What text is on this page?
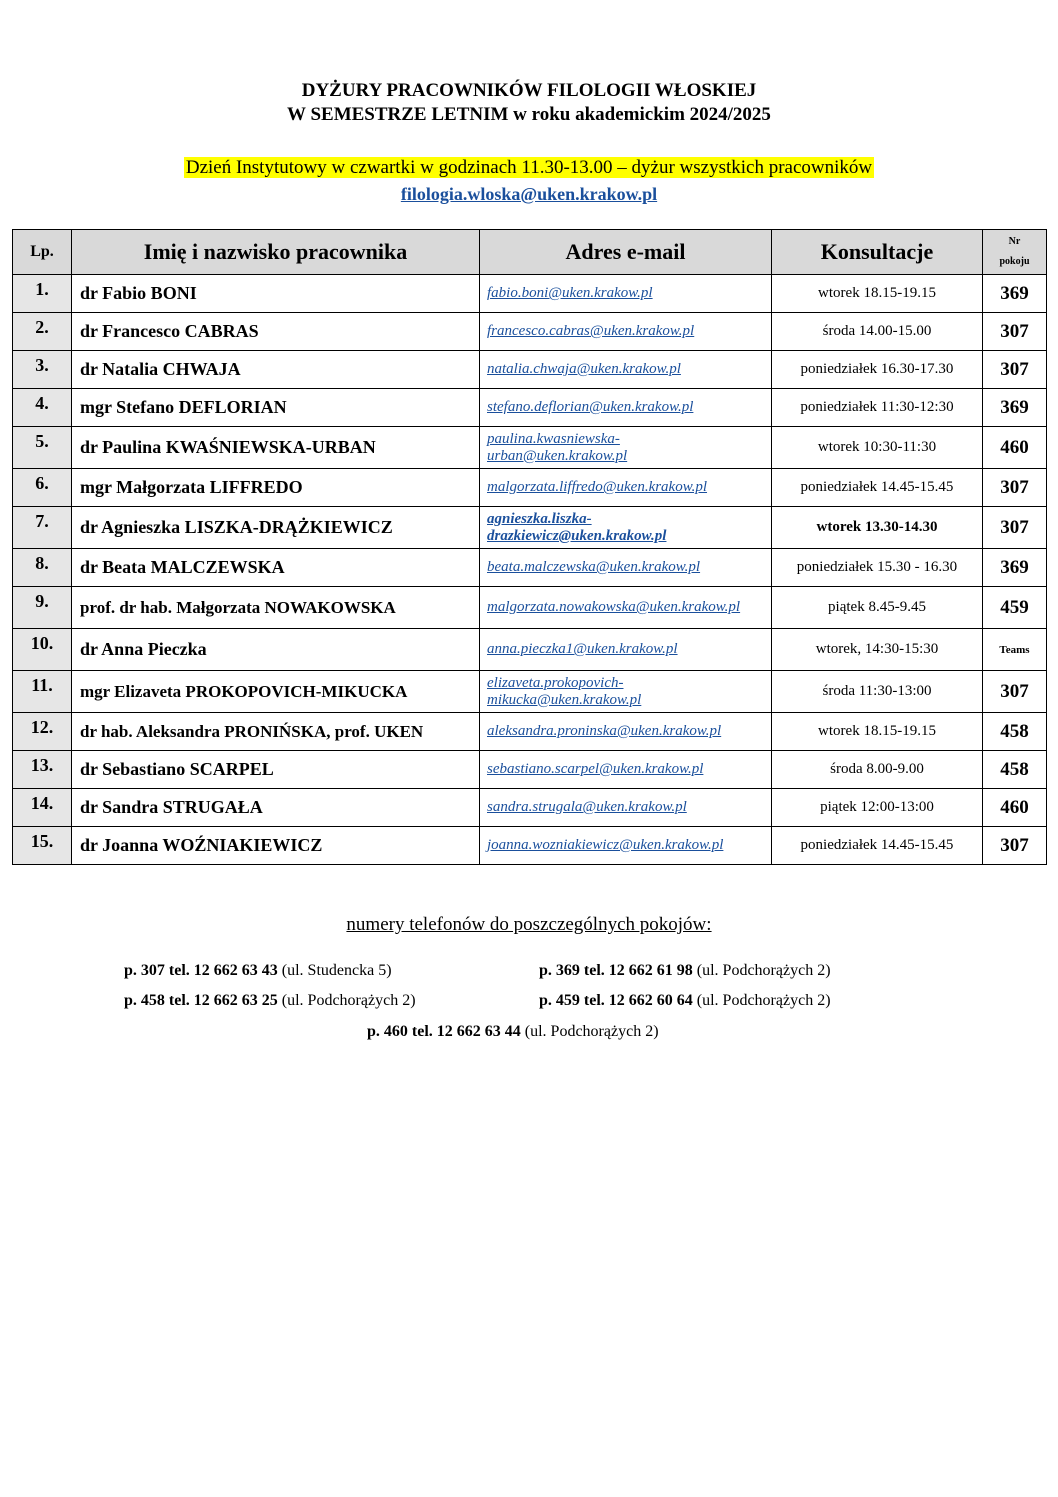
DYŻURY PRACOWNIKÓW FILOLOGII WŁOSKIEJ
W SEMESTRZE LETNIM w roku akademickim 2024/2025
Dzień Instytutowy w czwartki w godzinach 11.30-13.00 – dyżur wszystkich pracowników
filologia.wloska@uken.krakow.pl
Lp.	Imię i nazwisko pracownika	Adres e-mail	Konsultacje	Nr
pokoju

1.	dr Fabio BONI	fabio.boni@uken.krakow.pl	wtorek 18.15-19.15	369
2.	dr Francesco CABRAS	francesco.cabras@uken.krakow.pl	środa 14.00-15.00	307
3.	dr Natalia CHWAJA	natalia.chwaja@uken.krakow.pl	poniedziałek 16.30-17.30	307
4.	mgr Stefano DEFLORIAN	stefano.deflorian@uken.krakow.pl	poniedziałek 11:30-12:30	369
5.	dr Paulina KWAŚNIEWSKA-URBAN	paulina.kwasniewska-
urban@uken.krakow.pl	wtorek 10:30-11:30	460
6.	mgr Małgorzata LIFFREDO	malgorzata.liffredo@uken.krakow.pl	poniedziałek 14.45-15.45	307
7.	dr Agnieszka LISZKA-DRĄŻKIEWICZ	agnieszka.liszka-
drazkiewicz@uken.krakow.pl	wtorek 13.30-14.30	307
8.	dr Beata MALCZEWSKA	beata.malczewska@uken.krakow.pl	poniedziałek 15.30 - 16.30	369
9.	prof. dr hab. Małgorzata NOWAKOWSKA	malgorzata.nowakowska@uken.krakow.pl	piątek 8.45-9.45	459
10.	dr Anna Pieczka	anna.pieczka1@uken.krakow.pl	wtorek, 14:30-15:30	Teams
11.	mgr Elizaveta PROKOPOVICH-MIKUCKA	elizaveta.prokopovich-
mikucka@uken.krakow.pl	środa 11:30-13:00	307
12.	dr hab. Aleksandra PRONIŃSKA, prof. UKEN	aleksandra.proninska@uken.krakow.pl	wtorek 18.15-19.15	458
13.	dr Sebastiano SCARPEL	sebastiano.scarpel@uken.krakow.pl	środa 8.00-9.00	458
14.	dr Sandra STRUGAŁA	sandra.strugala@uken.krakow.pl	piątek 12:00-13:00	460
15.	dr Joanna WOŹNIAKIEWICZ	joanna.wozniakiewicz@uken.krakow.pl	poniedziałek 14.45-15.45	307
numery telefonów do poszczególnych pokojów:
p. 307 tel. 12 662 63 43 (ul. Studencka 5)	p. 369 tel. 12 662 61 98 (ul. Podchorążych 2)
p. 458 tel. 12 662 63 25 (ul. Podchorążych 2)	p. 459 tel. 12 662 60 64 (ul. Podchorążych 2)
p. 460 tel. 12 662 63 44 (ul. Podchorążych 2)
